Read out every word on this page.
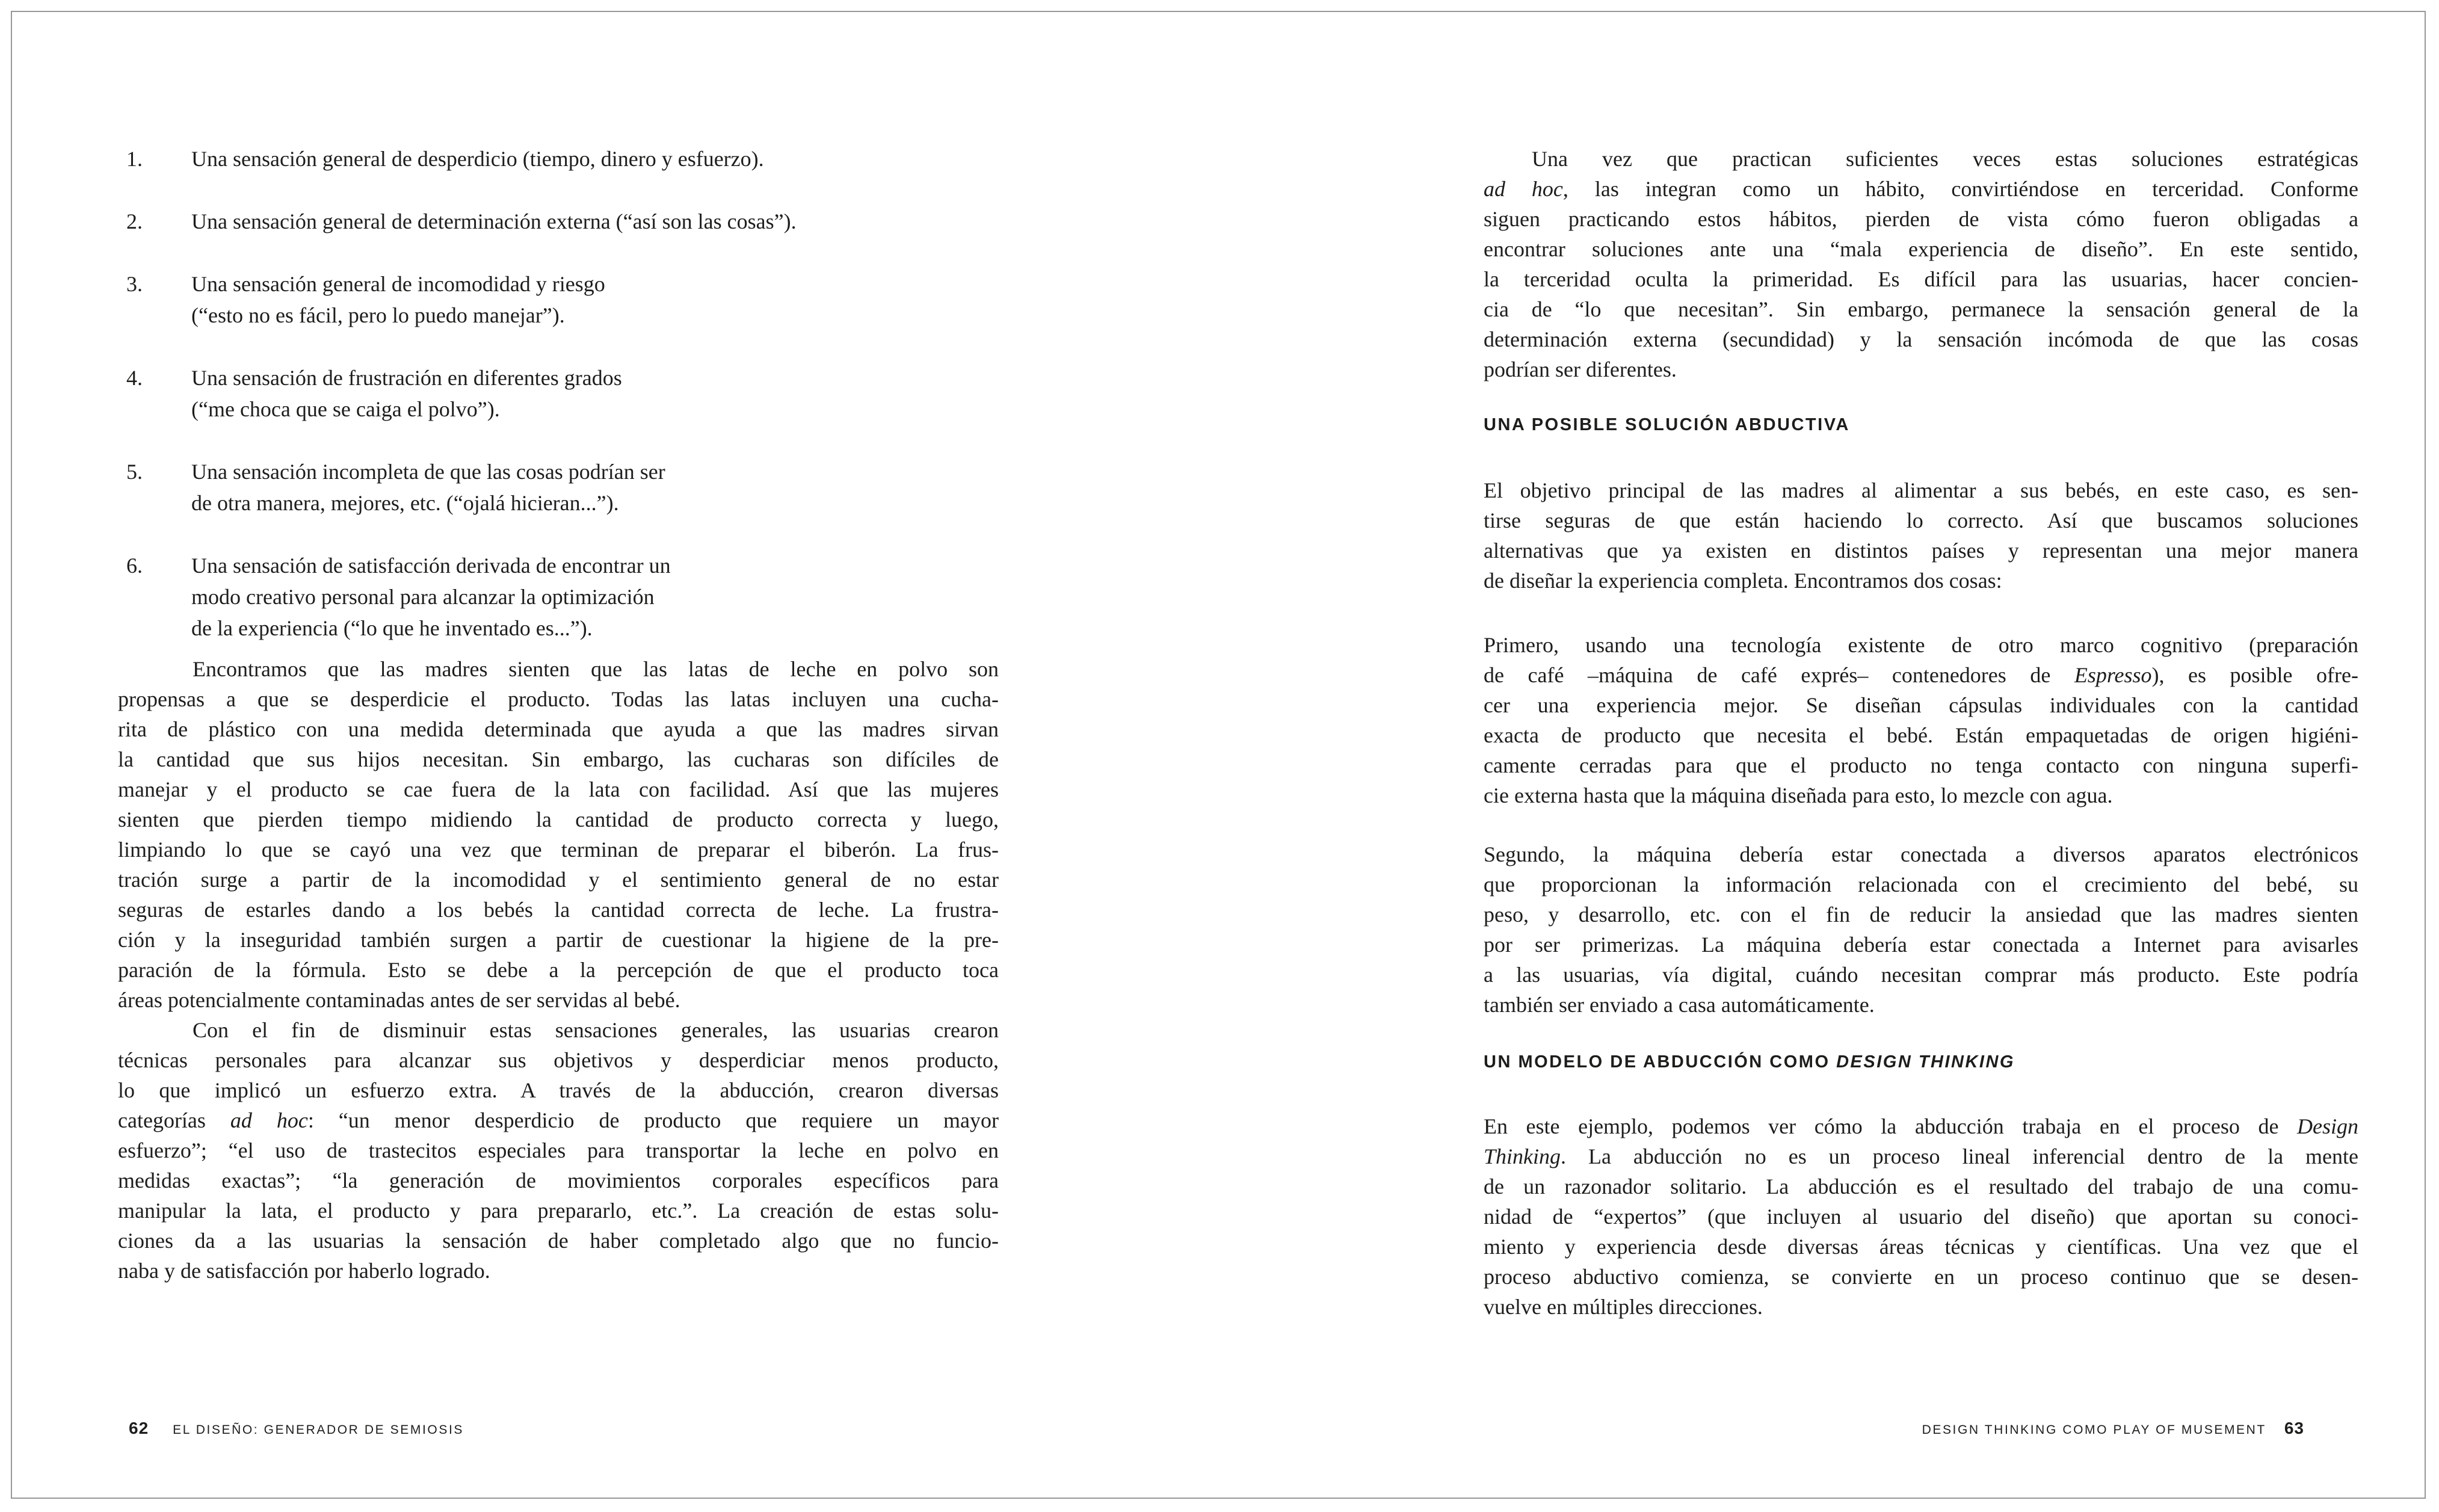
1. Una sensación general de desperdicio (tiempo, dinero y esfuerzo).
2. Una sensación general de determinación externa (“así son las cosas”).
3. Una sensación general de incomodidad y riesgo
(“esto no es fácil, pero lo puedo manejar”).
4. Una sensación de frustración en diferentes grados
(“me choca que se caiga el polvo”).
5. Una sensación incompleta de que las cosas podrían ser
de otra manera, mejores, etc. (“ojalá hicieran...”).
6. Una sensación de satisfacción derivada de encontrar un
modo creativo personal para alcanzar la optimización
de la experiencia (“lo que he inventado es...”).
Encontramos que las madres sienten que las latas de leche en polvo son
propensas a que se desperdicie el producto. Todas las latas incluyen una cucha-
rita de plástico con una medida determinada que ayuda a que las madres sirvan
la cantidad que sus hijos necesitan. Sin embargo, las cucharas son difíciles de
manejar y el producto se cae fuera de la lata con facilidad. Así que las mujeres
sienten que pierden tiempo midiendo la cantidad de producto correcta y luego,
limpiando lo que se cayó una vez que terminan de preparar el biberón. La frus-
tración surge a partir de la incomodidad y el sentimiento general de no estar
seguras de estarles dando a los bebés la cantidad correcta de leche. La frustra-
ción y la inseguridad también surgen a partir de cuestionar la higiene de la pre-
paración de la fórmula. Esto se debe a la percepción de que el producto toca
áreas potencialmente contaminadas antes de ser servidas al bebé.
Con el fin de disminuir estas sensaciones generales, las usuarias crearon
técnicas personales para alcanzar sus objetivos y desperdiciar menos producto,
lo que implicó un esfuerzo extra. A través de la abducción, crearon diversas
categorías ad hoc: “un menor desperdicio de producto que requiere un mayor
esfuerzo”; “el uso de trastecitos especiales para transportar la leche en polvo en
medidas exactas”; “la generación de movimientos corporales específicos para
manipular la lata, el producto y para prepararlo, etc.”. La creación de estas solu-
ciones da a las usuarias la sensación de haber completado algo que no funcio-
naba y de satisfacción por haberlo logrado.
62 EL DISEÑO: GENERADOR DE SEMIOSIS
Una vez que practican suficientes veces estas soluciones estratégicas
ad hoc, las integran como un hábito, convirtiéndose en terceridad. Conforme
siguen practicando estos hábitos, pierden de vista cómo fueron obligadas a
encontrar soluciones ante una “mala experiencia de diseño”. En este sentido,
la terceridad oculta la primeridad. Es difícil para las usuarias, hacer concien-
cia de “lo que necesitan”. Sin embargo, permanece la sensación general de la
determinación externa (secundidad) y la sensación incómoda de que las cosas
podrían ser diferentes.
UNA POSIBLE SOLUCIÓN ABDUCTIVA
El objetivo principal de las madres al alimentar a sus bebés, en este caso, es sen-
tirse seguras de que están haciendo lo correcto. Así que buscamos soluciones
alternativas que ya existen en distintos países y representan una mejor manera
de diseñar la experiencia completa. Encontramos dos cosas:
Primero, usando una tecnología existente de otro marco cognitivo (preparación
de café –máquina de café exprés– contenedores de Espresso), es posible ofre-
cer una experiencia mejor. Se diseñan cápsulas individuales con la cantidad
exacta de producto que necesita el bebé. Están empaquetadas de origen higiéni-
camente cerradas para que el producto no tenga contacto con ninguna superfi-
cie externa hasta que la máquina diseñada para esto, lo mezcle con agua.
Segundo, la máquina debería estar conectada a diversos aparatos electrónicos
que proporcionan la información relacionada con el crecimiento del bebé, su
peso, y desarrollo, etc. con el fin de reducir la ansiedad que las madres sienten
por ser primerizas. La máquina debería estar conectada a Internet para avisarles
a las usuarias, vía digital, cuándo necesitan comprar más producto. Este podría
también ser enviado a casa automáticamente.
UN MODELO DE ABDUCCIÓN COMO DESIGN THINKING
En este ejemplo, podemos ver cómo la abducción trabaja en el proceso de Design
Thinking. La abducción no es un proceso lineal inferencial dentro de la mente
de un razonador solitario. La abducción es el resultado del trabajo de una comu-
nidad de “expertos” (que incluyen al usuario del diseño) que aportan su conoci-
miento y experiencia desde diversas áreas técnicas y científicas. Una vez que el
proceso abductivo comienza, se convierte en un proceso continuo que se desen-
vuelve en múltiples direcciones.
DESIGN THINKING COMO PLAY OF MUSEMENT 63
